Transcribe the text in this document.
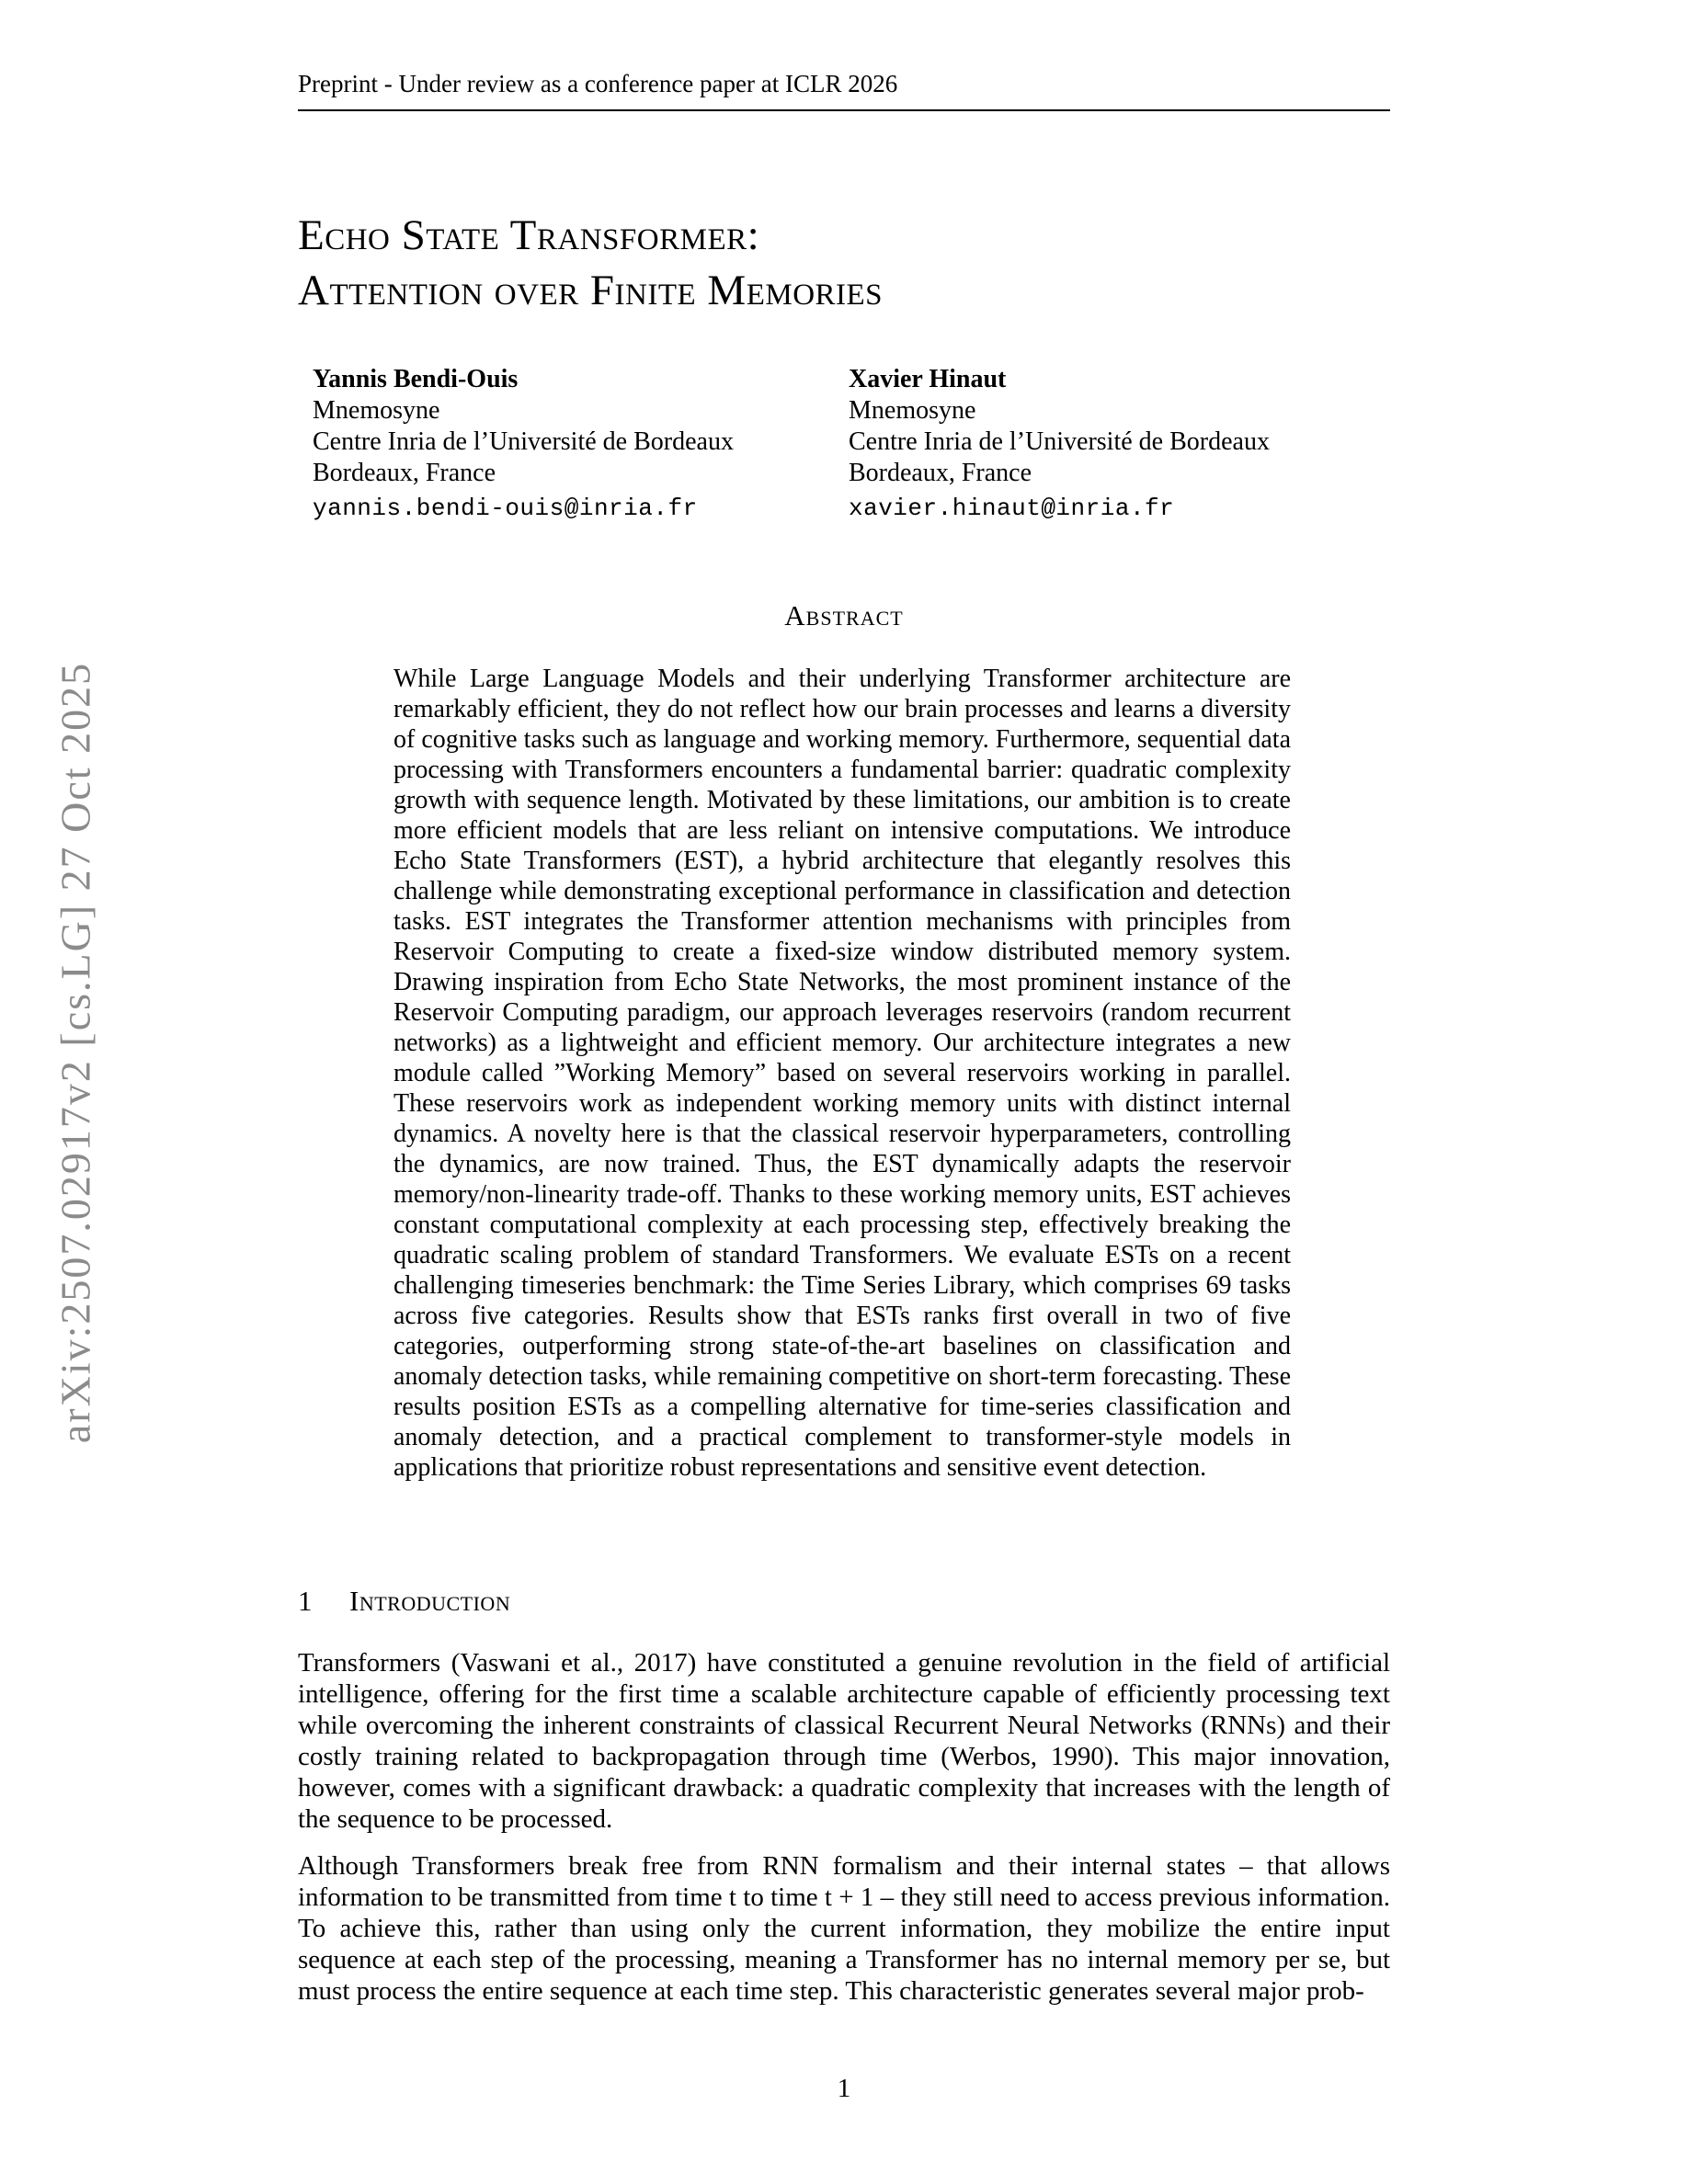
arXiv:2507.02917v2 [cs.LG] 27 Oct 2025
Preprint - Under review as a conference paper at ICLR 2026
Echo State Transformer:
Attention over Finite Memories
Yannis Bendi-Ouis
Mnemosyne
Centre Inria de l’Université de Bordeaux
Bordeaux, France
yannis.bendi-ouis@inria.fr
Xavier Hinaut
Mnemosyne
Centre Inria de l’Université de Bordeaux
Bordeaux, France
xavier.hinaut@inria.fr
Abstract
While Large Language Models and their underlying Transformer architecture are remarkably efficient, they do not reflect how our brain processes and learns a diversity of cognitive tasks such as language and working memory. Furthermore, sequential data processing with Transformers encounters a fundamental barrier: quadratic complexity growth with sequence length. Motivated by these limitations, our ambition is to create more efficient models that are less reliant on intensive computations. We introduce Echo State Transformers (EST), a hybrid architecture that elegantly resolves this challenge while demonstrating exceptional performance in classification and detection tasks. EST integrates the Transformer attention mechanisms with principles from Reservoir Computing to create a fixed-size window distributed memory system. Drawing inspiration from Echo State Networks, the most prominent instance of the Reservoir Computing paradigm, our approach leverages reservoirs (random recurrent networks) as a lightweight and efficient memory. Our architecture integrates a new module called ”Working Memory” based on several reservoirs working in parallel. These reservoirs work as independent working memory units with distinct internal dynamics. A novelty here is that the classical reservoir hyperparameters, controlling the dynamics, are now trained. Thus, the EST dynamically adapts the reservoir memory/non-linearity trade-off. Thanks to these working memory units, EST achieves constant computational complexity at each processing step, effectively breaking the quadratic scaling problem of standard Transformers. We evaluate ESTs on a recent challenging timeseries benchmark: the Time Series Library, which comprises 69 tasks across five categories. Results show that ESTs ranks first overall in two of five categories, outperforming strong state-of-the-art baselines on classification and anomaly detection tasks, while remaining competitive on short-term forecasting. These results position ESTs as a compelling alternative for time-series classification and anomaly detection, and a practical complement to transformer-style models in applications that prioritize robust representations and sensitive event detection.
1 Introduction

Transformers (Vaswani et al., 2017) have constituted a genuine revolution in the field of artificial intelligence, offering for the first time a scalable architecture capable of efficiently processing text while overcoming the inherent constraints of classical Recurrent Neural Networks (RNNs) and their costly training related to backpropagation through time (Werbos, 1990). This major innovation, however, comes with a significant drawback: a quadratic complexity that increases with the length of the sequence to be processed.

Although Transformers break free from RNN formalism and their internal states – that allows information to be transmitted from time t to time t + 1 – they still need to access previous information. To achieve this, rather than using only the current information, they mobilize the entire input sequence at each step of the processing, meaning a Transformer has no internal memory per se, but must process the entire sequence at each time step. This characteristic generates several major prob-

1
